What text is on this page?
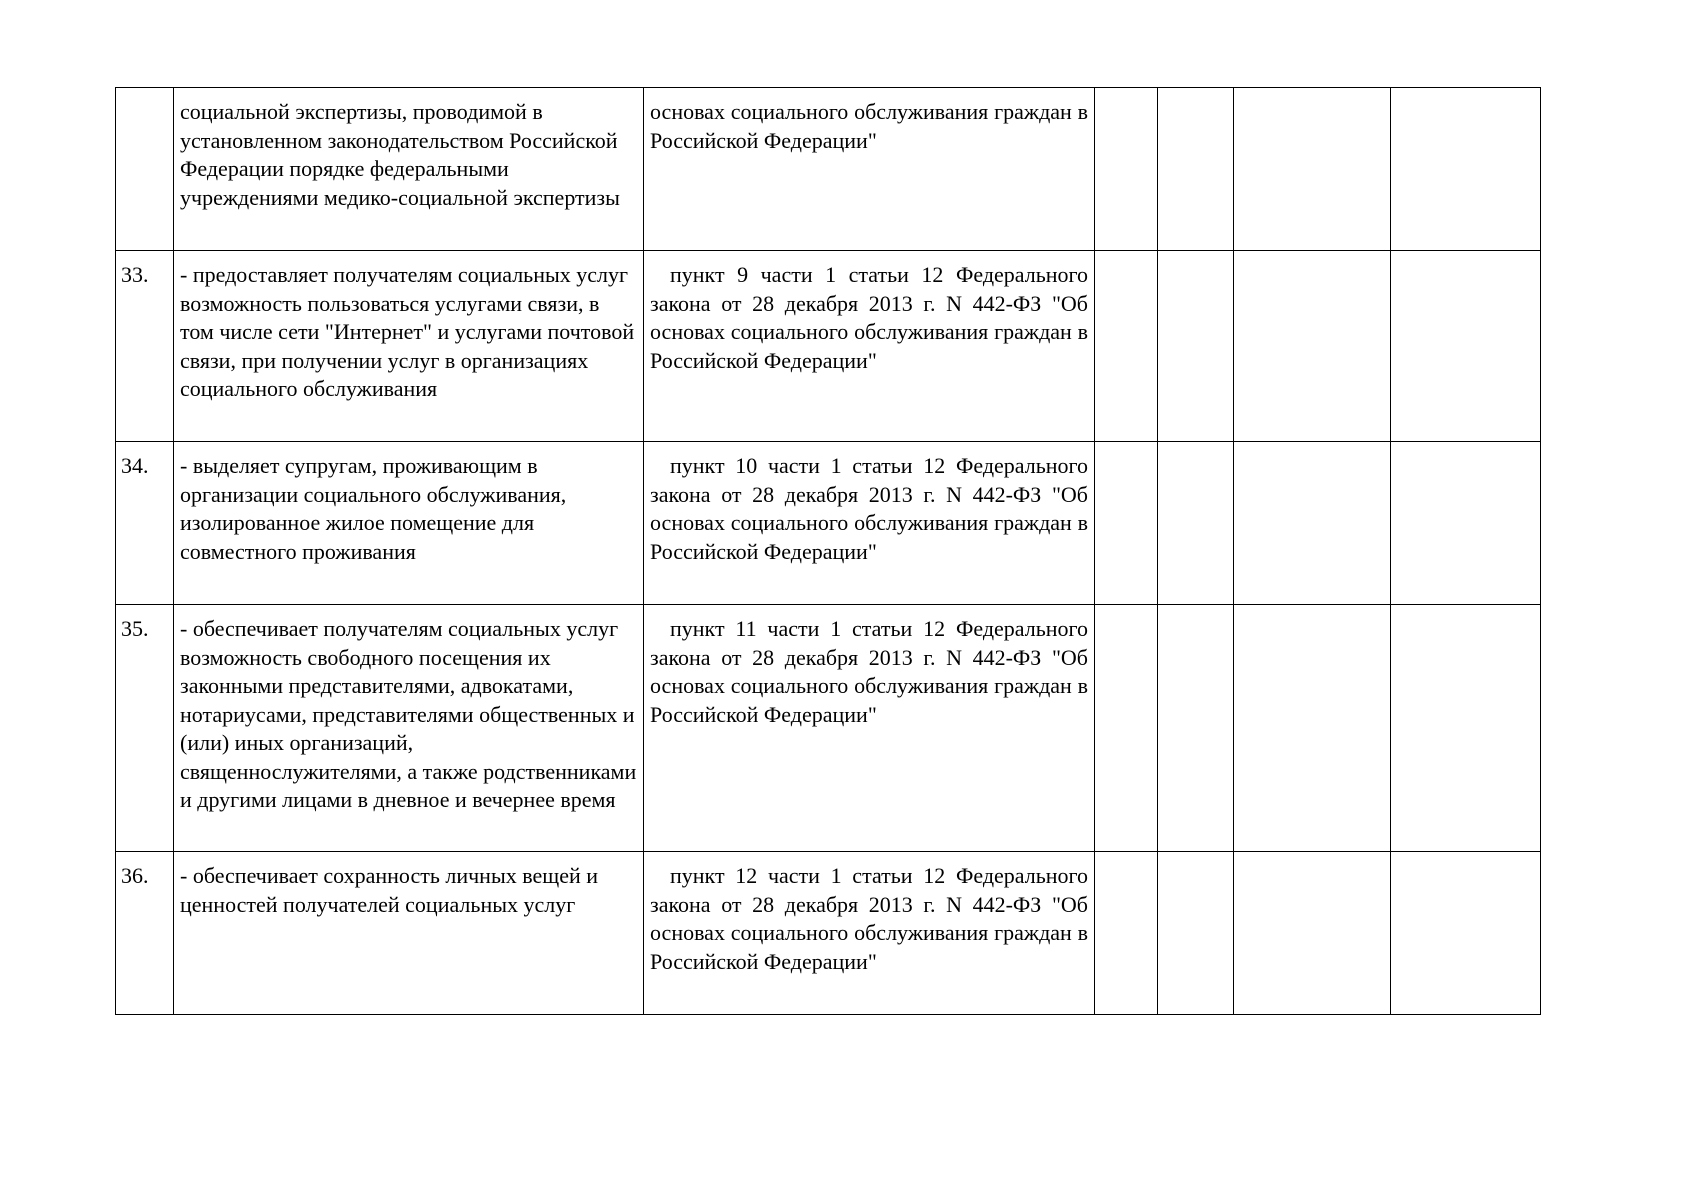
	социальной экспертизы, проводимой в установленном законодательством Российской Федерации порядке федеральными учреждениями медико-социальной экспертизы	основах социального обслуживания граждан в Российской Федерации"				
33.	- предоставляет получателям социальных услуг возможность пользоваться услугами связи, в том числе сети "Интернет" и услугами почтовой связи, при получении услуг в организациях социального обслуживания	пункт 9 части 1 статьи 12 Федерального закона от 28 декабря 2013 г. N 442-ФЗ "Об основах социального обслуживания граждан в Российской Федерации"				
34.	- выделяет супругам, проживающим в организации социального обслуживания, изолированное жилое помещение для совместного проживания	пункт 10 части 1 статьи 12 Федерального закона от 28 декабря 2013 г. N 442-ФЗ "Об основах социального обслуживания граждан в Российской Федерации"				
35.	- обеспечивает получателям социальных услуг возможность свободного посещения их законными представителями, адвокатами, нотариусами, представителями общественных и (или) иных организаций, священнослужителями, а также родственниками и другими лицами в дневное и вечернее время	пункт 11 части 1 статьи 12 Федерального закона от 28 декабря 2013 г. N 442-ФЗ "Об основах социального обслуживания граждан в Российской Федерации"				
36.	- обеспечивает сохранность личных вещей и ценностей получателей социальных услуг	пункт 12 части 1 статьи 12 Федерального закона от 28 декабря 2013 г. N 442-ФЗ "Об основах социального обслуживания граждан в Российской Федерации"				
